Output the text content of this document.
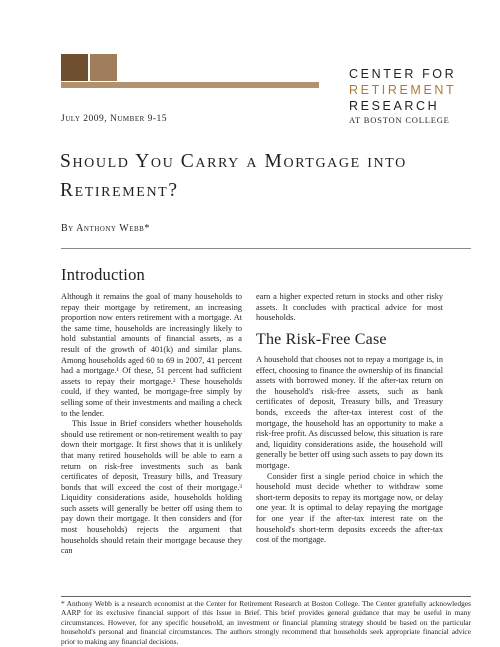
CENTER FOR
RETIREMENT
RESEARCH
AT BOSTON COLLEGE
July 2009, Number 9-15
Should You Carry a Mortgage into
Retirement?
By Anthony Webb*
Introduction

Although it remains the goal of many households to repay their mortgage by retirement, an increasing proportion now enters retirement with a mortgage. At the same time, households are increasingly likely to hold substantial amounts of financial assets, as a result of the growth of 401(k) and similar plans. Among households aged 60 to 69 in 2007, 41 percent had a mortgage.¹ Of these, 51 percent had sufficient assets to repay their mortgage.² These households could, if they wanted, be mortgage-free simply by selling some of their investments and mailing a check to the lender.

This Issue in Brief considers whether households should use retirement or non-retirement wealth to pay down their mortgage. It first shows that it is unlikely that many retired households will be able to earn a return on risk-free investments such as bank certificates of deposit, Treasury bills, and Treasury bonds that will exceed the cost of their mortgage.³ Liquidity considerations aside, households holding such assets will generally be better off using them to pay down their mortgage. It then considers and (for most households) rejects the argument that households should retain their mortgage because they can

earn a higher expected return in stocks and other risky assets. It concludes with practical advice for most households.

The Risk-Free Case

A household that chooses not to repay a mortgage is, in effect, choosing to finance the ownership of its financial assets with borrowed money. If the after-tax return on the household's risk-free assets, such as bank certificates of deposit, Treasury bills, and Treasury bonds, exceeds the after-tax interest cost of the mortgage, the household has an opportunity to make a risk-free profit. As discussed below, this situation is rare and, liquidity considerations aside, the household will generally be better off using such assets to pay down its mortgage.

Consider first a single period choice in which the household must decide whether to withdraw some short-term deposits to repay its mortgage now, or delay one year. It is optimal to delay repaying the mortgage for one year if the after-tax interest rate on the household's short-term deposits exceeds the after-tax cost of the mortgage.

* Anthony Webb is a research economist at the Center for Retirement Research at Boston College. The Center gratefully acknowledges AARP for its exclusive financial support of this Issue in Brief. This brief provides general guidance that may be useful in many circumstances. However, for any specific household, an investment or financial planning strategy should be based on the particular household's personal and financial circumstances. The authors strongly recommend that households seek appropriate financial advice prior to making any financial decisions.
